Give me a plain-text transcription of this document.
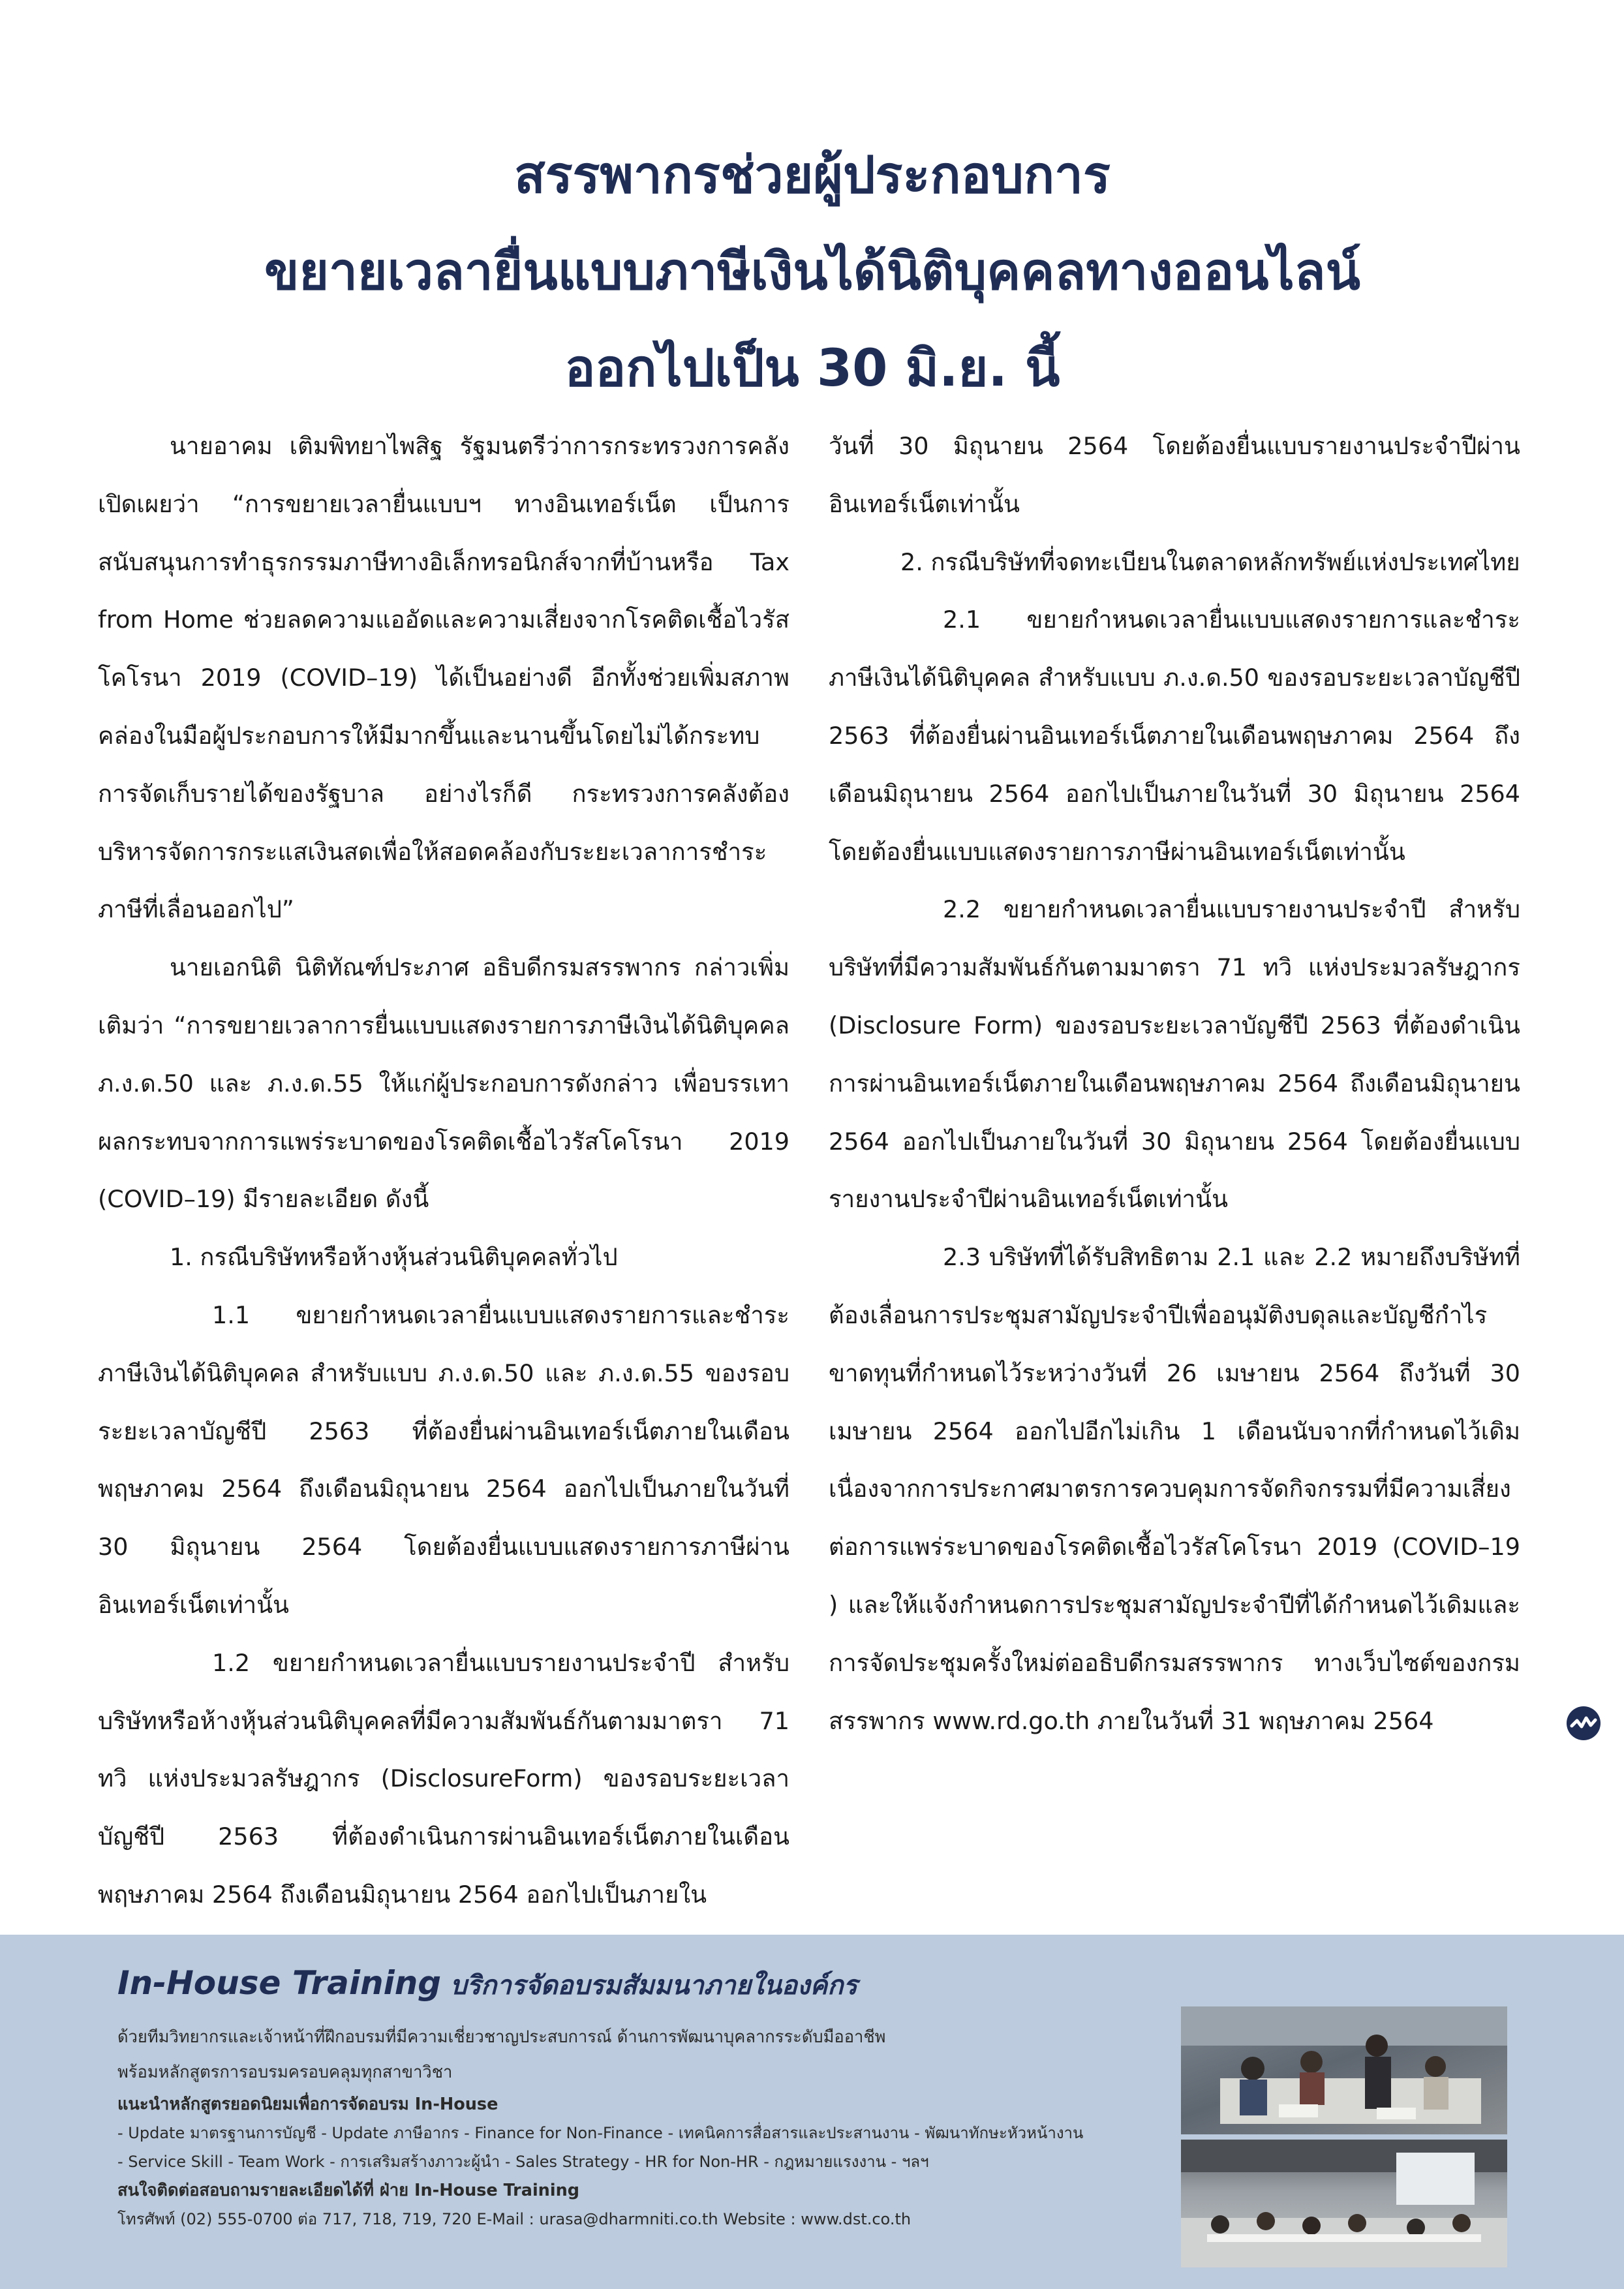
สรรพากรช่วยผู้ประกอบการ
ขยายเวลายื่นแบบภาษีเงินได้นิติบุคคลทางออนไลน์
ออกไปเป็น 30 มิ.ย. นี้

นายอาคม เติมพิทยาไพสิฐ รัฐมนตรีว่าการกระทรวงการคลัง เปิดเผยว่า “การขยายเวลายื่นแบบฯ ทางอินเทอร์เน็ต เป็นการสนับสนุนการทำธุรกรรมภาษีทางอิเล็กทรอนิกส์จากที่บ้านหรือ Tax from Home ช่วยลดความแออัดและความเสี่ยงจากโรคติดเชื้อไวรัสโคโรนา 2019 (COVID–19) ได้เป็นอย่างดี อีกทั้งช่วยเพิ่มสภาพคล่องในมือผู้ประกอบการให้มีมากขึ้นและนานขึ้นโดยไม่ได้กระทบการจัดเก็บรายได้ของรัฐบาล อย่างไรก็ดี กระทรวงการคลังต้องบริหารจัดการกระแสเงินสดเพื่อให้สอดคล้องกับระยะเวลาการชำระภาษีที่เลื่อนออกไป”

นายเอกนิติ นิติทัณฑ์ประภาศ อธิบดีกรมสรรพากร กล่าวเพิ่มเติมว่า “การขยายเวลาการยื่นแบบแสดงรายการภาษีเงินได้นิติบุคคล ภ.ง.ด.50 และ ภ.ง.ด.55 ให้แก่ผู้ประกอบการดังกล่าว เพื่อบรรเทาผลกระทบจากการแพร่ระบาดของโรคติดเชื้อไวรัสโคโรนา 2019 (COVID–19) มีรายละเอียด ดังนี้

1. กรณีบริษัทหรือห้างหุ้นส่วนนิติบุคคลทั่วไป

1.1 ขยายกำหนดเวลายื่นแบบแสดงรายการและชำระภาษีเงินได้นิติบุคคล สำหรับแบบ ภ.ง.ด.50 และ ภ.ง.ด.55 ของรอบระยะเวลาบัญชีปี 2563 ที่ต้องยื่นผ่านอินเทอร์เน็ตภายในเดือนพฤษภาคม 2564 ถึงเดือนมิถุนายน 2564 ออกไปเป็นภายในวันที่ 30 มิถุนายน 2564 โดยต้องยื่นแบบแสดงรายการภาษีผ่านอินเทอร์เน็ตเท่านั้น

1.2 ขยายกำหนดเวลายื่นแบบรายงานประจำปี สำหรับบริษัทหรือห้างหุ้นส่วนนิติบุคคลที่มีความสัมพันธ์กันตามมาตรา 71 ทวิ แห่งประมวลรัษฎากร (DisclosureForm) ของรอบระยะเวลาบัญชีปี 2563 ที่ต้องดำเนินการผ่านอินเทอร์เน็ตภายในเดือนพฤษภาคม 2564 ถึงเดือนมิถุนายน 2564 ออกไปเป็นภายใน

วันที่ 30 มิถุนายน 2564 โดยต้องยื่นแบบรายงานประจำปีผ่านอินเทอร์เน็ตเท่านั้น

2. กรณีบริษัทที่จดทะเบียนในตลาดหลักทรัพย์แห่งประเทศไทย

2.1 ขยายกำหนดเวลายื่นแบบแสดงรายการและชำระภาษีเงินได้นิติบุคคล สำหรับแบบ ภ.ง.ด.50 ของรอบระยะเวลาบัญชีปี 2563 ที่ต้องยื่นผ่านอินเทอร์เน็ตภายในเดือนพฤษภาคม 2564 ถึงเดือนมิถุนายน 2564 ออกไปเป็นภายในวันที่ 30 มิถุนายน 2564 โดยต้องยื่นแบบแสดงรายการภาษีผ่านอินเทอร์เน็ตเท่านั้น

2.2 ขยายกำหนดเวลายื่นแบบรายงานประจำปี สำหรับบริษัทที่มีความสัมพันธ์กันตามมาตรา 71 ทวิ แห่งประมวลรัษฎากร (Disclosure Form) ของรอบระยะเวลาบัญชีปี 2563 ที่ต้องดำเนินการผ่านอินเทอร์เน็ตภายในเดือนพฤษภาคม 2564 ถึงเดือนมิถุนายน 2564 ออกไปเป็นภายในวันที่ 30 มิถุนายน 2564 โดยต้องยื่นแบบรายงานประจำปีผ่านอินเทอร์เน็ตเท่านั้น

2.3 บริษัทที่ได้รับสิทธิตาม 2.1 และ 2.2 หมายถึงบริษัทที่ต้องเลื่อนการประชุมสามัญประจำปีเพื่ออนุมัติงบดุลและบัญชีกำไรขาดทุนที่กำหนดไว้ระหว่างวันที่ 26 เมษายน 2564 ถึงวันที่ 30 เมษายน 2564 ออกไปอีกไม่เกิน 1 เดือนนับจากที่กำหนดไว้เดิม เนื่องจากการประกาศมาตรการควบคุมการจัดกิจกรรมที่มีความเสี่ยงต่อการแพร่ระบาดของโรคติดเชื้อไวรัสโคโรนา 2019 (COVID–19 ) และให้แจ้งกำหนดการประชุมสามัญประจำปีที่ได้กำหนดไว้เดิมและการจัดประชุมครั้งใหม่ต่ออธิบดีกรมสรรพากร ทางเว็บไซต์ของกรมสรรพากร www.rd.go.th ภายในวันที่ 31 พฤษภาคม 2564

In-House Training บริการจัดอบรมสัมมนาภายในองค์กร
ด้วยทีมวิทยากรและเจ้าหน้าที่ฝึกอบรมที่มีความเชี่ยวชาญประสบการณ์ ด้านการพัฒนาบุคลากรระดับมืออาชีพ
พร้อมหลักสูตรการอบรมครอบคลุมทุกสาขาวิชา
แนะนำหลักสูตรยอดนิยมเพื่อการจัดอบรม In-House
- Update มาตรฐานการบัญชี - Update ภาษีอากร - Finance for Non-Finance - เทคนิคการสื่อสารและประสานงาน - พัฒนาทักษะหัวหน้างาน
- Service Skill - Team Work - การเสริมสร้างภาวะผู้นำ - Sales Strategy - HR for Non-HR - กฎหมายแรงงาน - ฯลฯ
สนใจติดต่อสอบถามรายละเอียดได้ที่ ฝ่าย In-House Training
โทรศัพท์ (02) 555-0700 ต่อ 717, 718, 719, 720 E-Mail : urasa@dharmniti.co.th Website : www.dst.co.th
